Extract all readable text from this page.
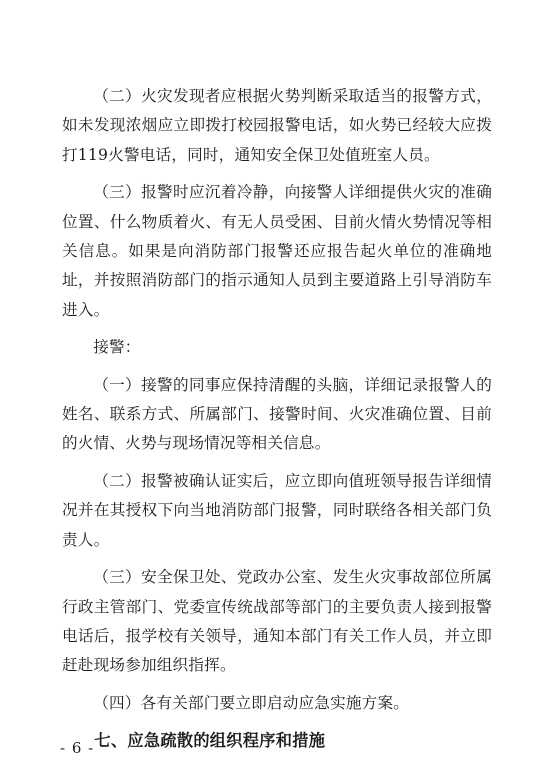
（二）火灾发现者应根据火势判断采取适当的报警方式，如未发现浓烟应立即拨打校园报警电话，如火势已经较大应拨打119火警电话，同时，通知安全保卫处值班室人员。

（三）报警时应沉着冷静，向接警人详细提供火灾的准确位置、什么物质着火、有无人员受困、目前火情火势情况等相关信息。如果是向消防部门报警还应报告起火单位的准确地址，并按照消防部门的指示通知人员到主要道路上引导消防车进入。

接警：

（一）接警的同事应保持清醒的头脑，详细记录报警人的姓名、联系方式、所属部门、接警时间、火灾准确位置、目前的火情、火势与现场情况等相关信息。

（二）报警被确认证实后，应立即向值班领导报告详细情况并在其授权下向当地消防部门报警，同时联络各相关部门负责人。

（三）安全保卫处、党政办公室、发生火灾事故部位所属行政主管部门、党委宣传统战部等部门的主要负责人接到报警电话后，报学校有关领导，通知本部门有关工作人员，并立即赶赴现场参加组织指挥。

（四）各有关部门要立即启动应急实施方案。

七、应急疏散的组织程序和措施

- 6 -
